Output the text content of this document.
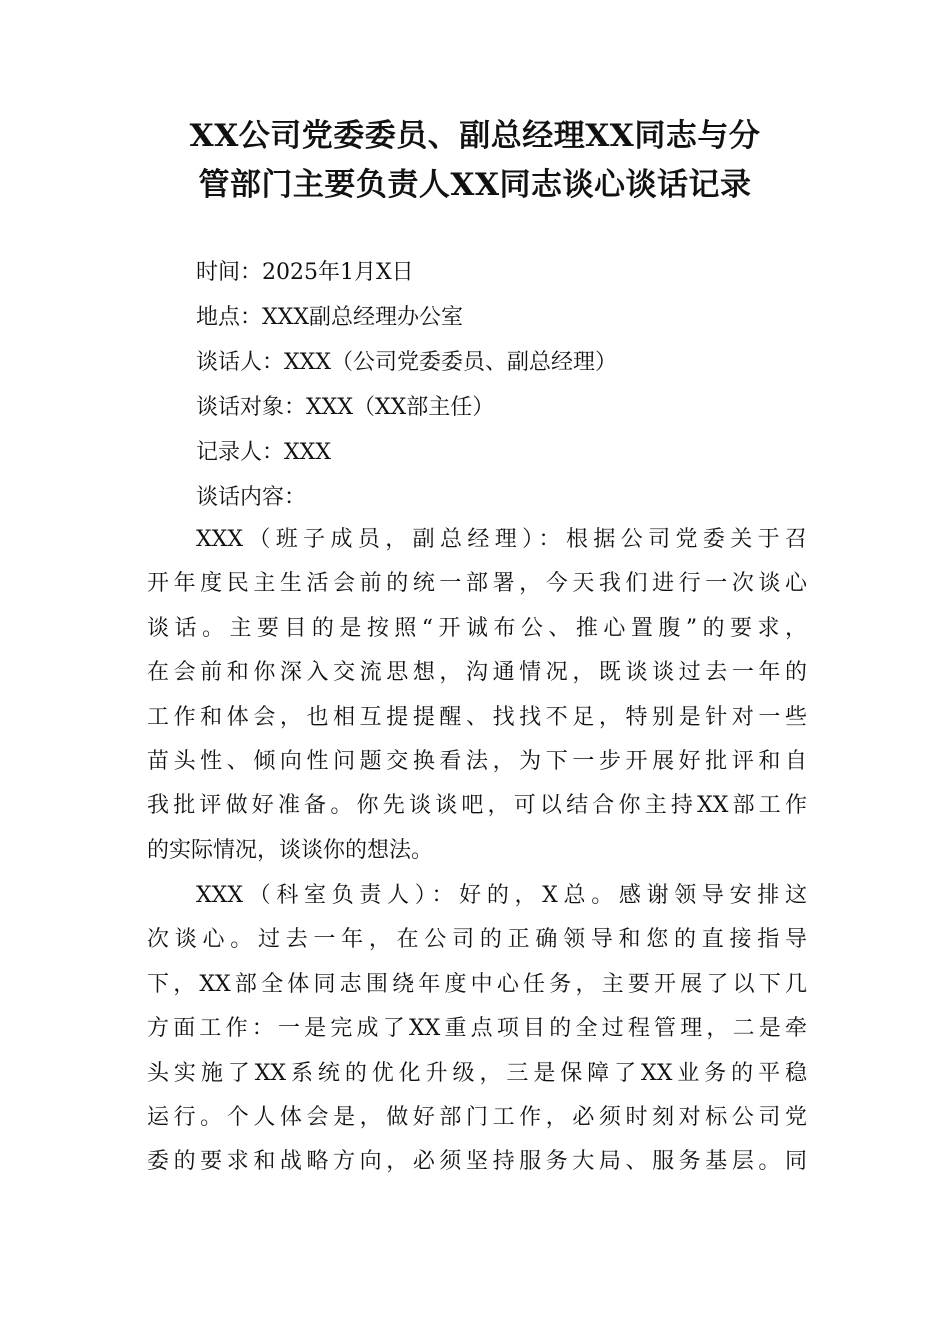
XX公司党委委员、副总经理XX同志与分
管部门主要负责人XX同志谈心谈话记录
时间：2025年1月X日
地点：XXX副总经理办公室
谈话人：XXX（公司党委委员、副总经理）
谈话对象：XXX（XX部主任）
记录人：XXX
谈话内容：
XXX（班子成员，副总经理）：根据公司党委关于召
开年度民主生活会前的统一部署，今天我们进行一次谈心
谈话。主要目的是按照“开诚布公、推心置腹”的要求，
在会前和你深入交流思想，沟通情况，既谈谈过去一年的
工作和体会，也相互提提醒、找找不足，特别是针对一些
苗头性、倾向性问题交换看法，为下一步开展好批评和自
我批评做好准备。你先谈谈吧，可以结合你主持XX部工作
的实际情况，谈谈你的想法。
XXX（科室负责人）：好的，X总。感谢领导安排这
次谈心。过去一年，在公司的正确领导和您的直接指导
下，XX部全体同志围绕年度中心任务，主要开展了以下几
方面工作：一是完成了XX重点项目的全过程管理，二是牵
头实施了XX系统的优化升级，三是保障了XX业务的平稳
运行。个人体会是，做好部门工作，必须时刻对标公司党
委的要求和战略方向，必须坚持服务大局、服务基层。同
